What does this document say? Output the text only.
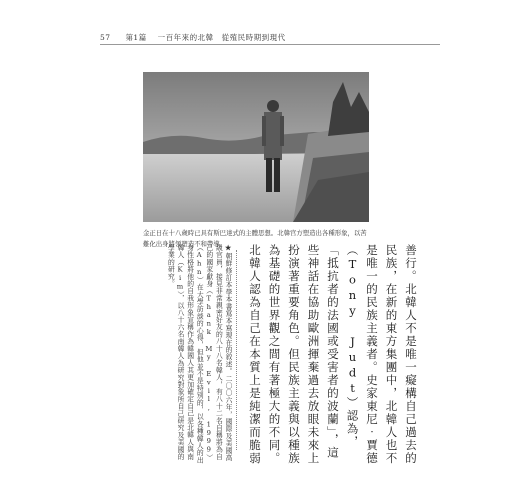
57 第1篇 一百年來的北韓　從殖民時期到現代
金正日在十八歲時已具有斯巴達式的主體思想。北韓官方塑造出各種形象，以苦難化出身將領塑造不和帶導。	善行。北韓人不是唯一癡構自己過去的民族，在新的東方集團中，北韓人也不是唯一的民族主義者。史家東尼‧賈德（Tony Judt）認為，「抵抗者的法國或受害者的波蘭」，這些神話在協助歐洲揮棄過去放眼未來上扮演著重要角色。但民族主義與以種族為基礎的世界觀之間有著極大的不同。北韓人認為自己在本質上是純潔而脆弱
★朝鮮修訂本學本書寫本寫現在的敘述。二〇〇六年，國際及美國高級官員，接見非常親密好友的八十八名韓人，有八十二名自稱將為自己的國家獻身（Thank My Evil, 1999）（Ahn）在大學訪談的心得，但他並不是特別的，以各種韓人的出身性格將他的自我形象宣稱作為韓國人其更加確定自己是北韓人與南韓人（Kim），以八十六名南韓人為研究對象所自己研究及美國的學業的研究。
